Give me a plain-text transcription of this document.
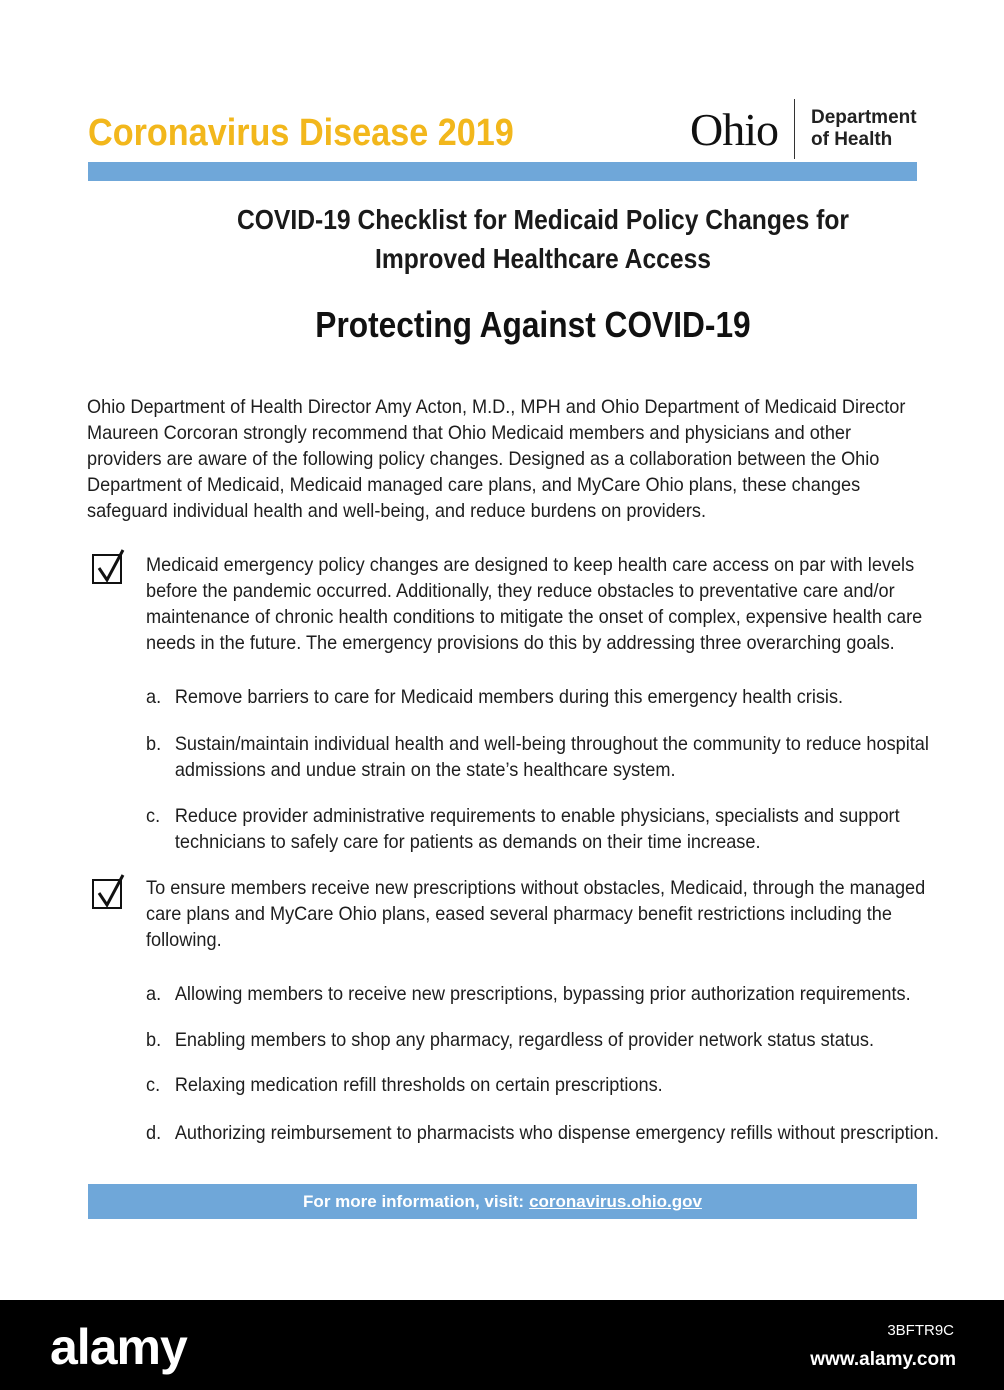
Coronavirus Disease 2019	Ohio Department
of Health
COVID-19 Checklist for Medicaid Policy Changes for
Improved Healthcare Access
Protecting Against COVID-19
Ohio Department of Health Director Amy Acton, M.D., MPH and Ohio Department of Medicaid Director Maureen Corcoran strongly recommend that Ohio Medicaid members and physicians and other providers are aware of the following policy changes. Designed as a collaboration between the Ohio Department of Medicaid, Medicaid managed care plans, and MyCare Ohio plans, these changes safeguard individual health and well-being, and reduce burdens on providers.
Medicaid emergency policy changes are designed to keep health care access on par with levels before the pandemic occurred. Additionally, they reduce obstacles to preventative care and/or maintenance of chronic health conditions to mitigate the onset of complex, expensive health care needs in the future. The emergency provisions do this by addressing three overarching goals.
a. Remove barriers to care for Medicaid members during this emergency health crisis.
b. Sustain/maintain individual health and well-being throughout the community to reduce hospital admissions and undue strain on the state’s healthcare system.
c. Reduce provider administrative requirements to enable physicians, specialists and support technicians to safely care for patients as demands on their time increase.
To ensure members receive new prescriptions without obstacles, Medicaid, through the managed care plans and MyCare Ohio plans, eased several pharmacy benefit restrictions including the following.
a. Allowing members to receive new prescriptions, bypassing prior authorization requirements.
b. Enabling members to shop any pharmacy, regardless of provider network status status.
c. Relaxing medication refill thresholds on certain prescriptions.
d. Authorizing reimbursement to pharmacists who dispense emergency refills without prescription.
For more information, visit: coronavirus.ohio.gov
alamy	3BFTR9C
www.alamy.com
